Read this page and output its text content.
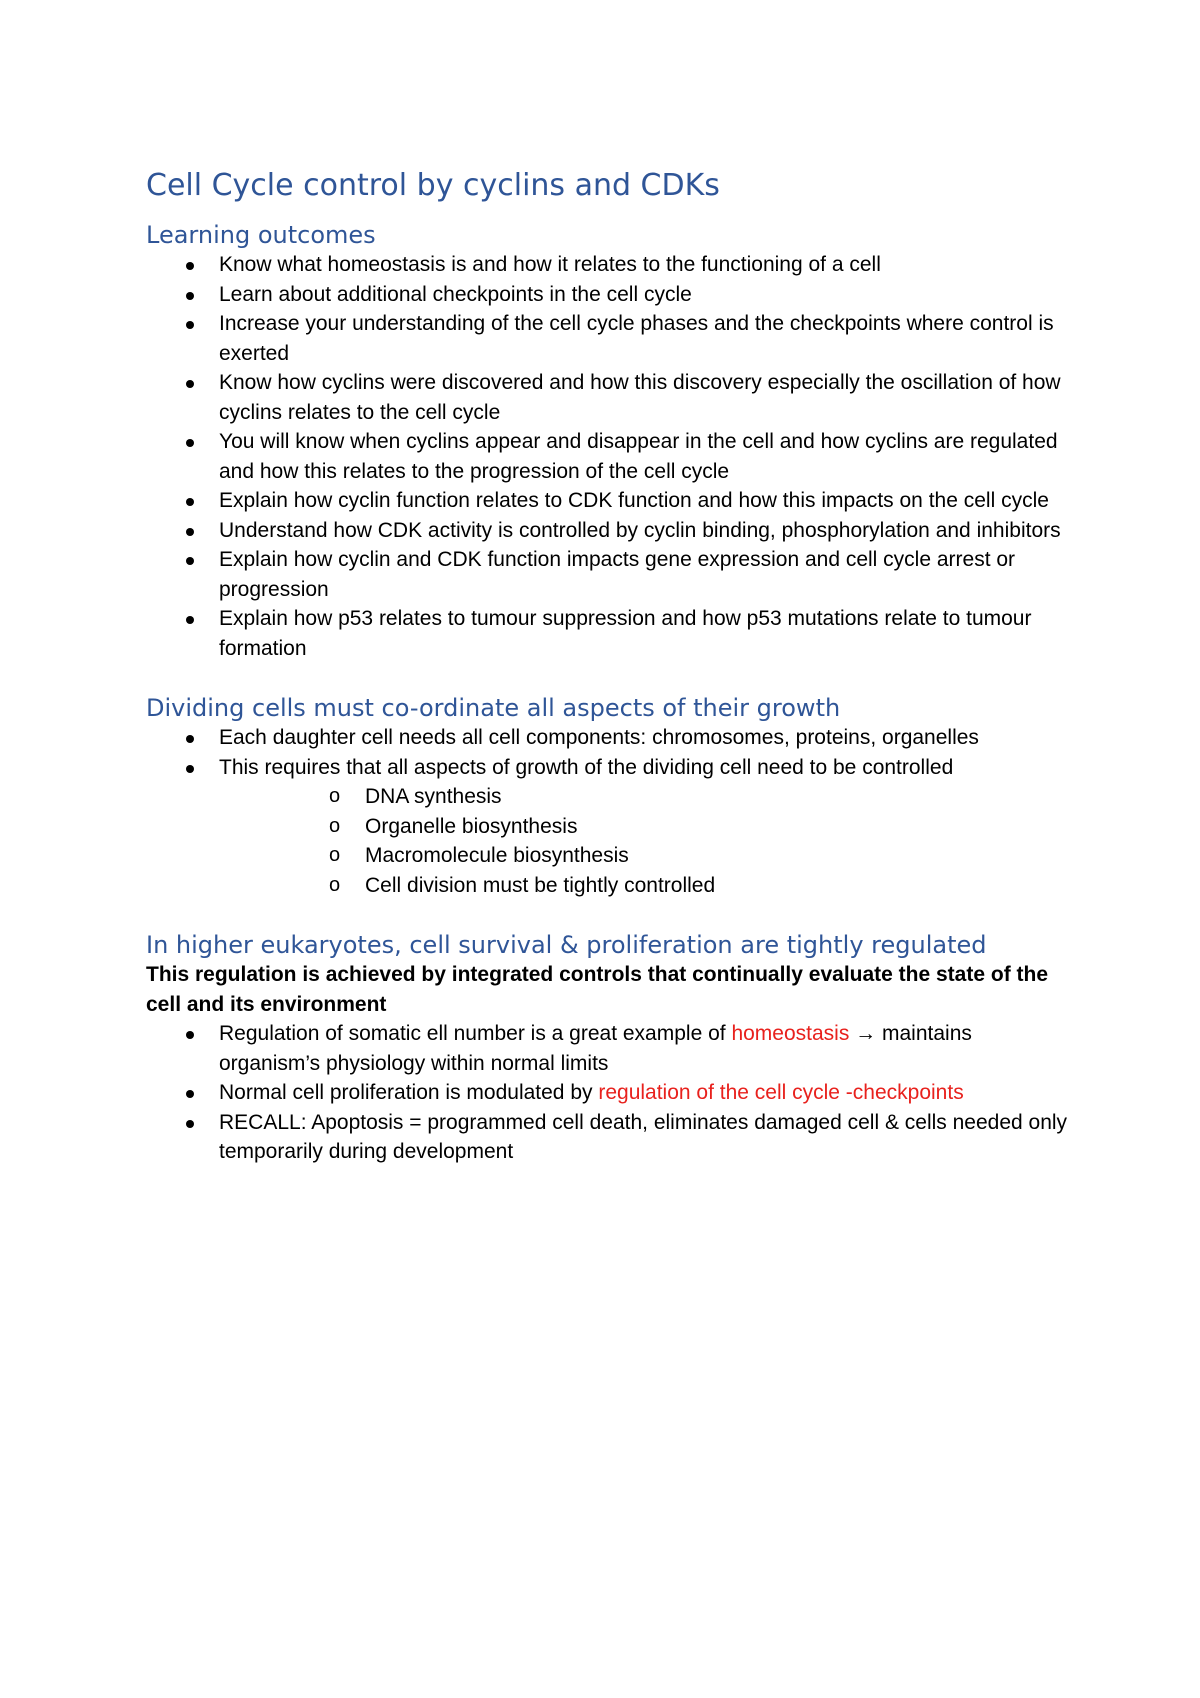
Cell Cycle control by cyclins and CDKs
Learning outcomes
Know what homeostasis is and how it relates to the functioning of a cell
Learn about additional checkpoints in the cell cycle
Increase your understanding of the cell cycle phases and the checkpoints where control is exerted
Know how cyclins were discovered and how this discovery especially the oscillation of how cyclins relates to the cell cycle
You will know when cyclins appear and disappear in the cell and how cyclins are regulated and how this relates to the progression of the cell cycle
Explain how cyclin function relates to CDK function and how this impacts on the cell cycle
Understand how CDK activity is controlled by cyclin binding, phosphorylation and inhibitors
Explain how cyclin and CDK function impacts gene expression and cell cycle arrest or progression
Explain how p53 relates to tumour suppression and how p53 mutations relate to tumour formation
Dividing cells must co-ordinate all aspects of their growth
Each daughter cell needs all cell components: chromosomes, proteins, organelles
This requires that all aspects of growth of the dividing cell need to be controlled
o DNA synthesis
o Organelle biosynthesis
o Macromolecule biosynthesis
o Cell division must be tightly controlled
In higher eukaryotes, cell survival & proliferation are tightly regulated

This regulation is achieved by integrated controls that continually evaluate the state of the cell and its environment

Regulation of somatic ell number is a great example of homeostasis → maintains organism’s physiology within normal limits
Normal cell proliferation is modulated by regulation of the cell cycle -checkpoints
RECALL: Apoptosis = programmed cell death, eliminates damaged cell & cells needed only temporarily during development
